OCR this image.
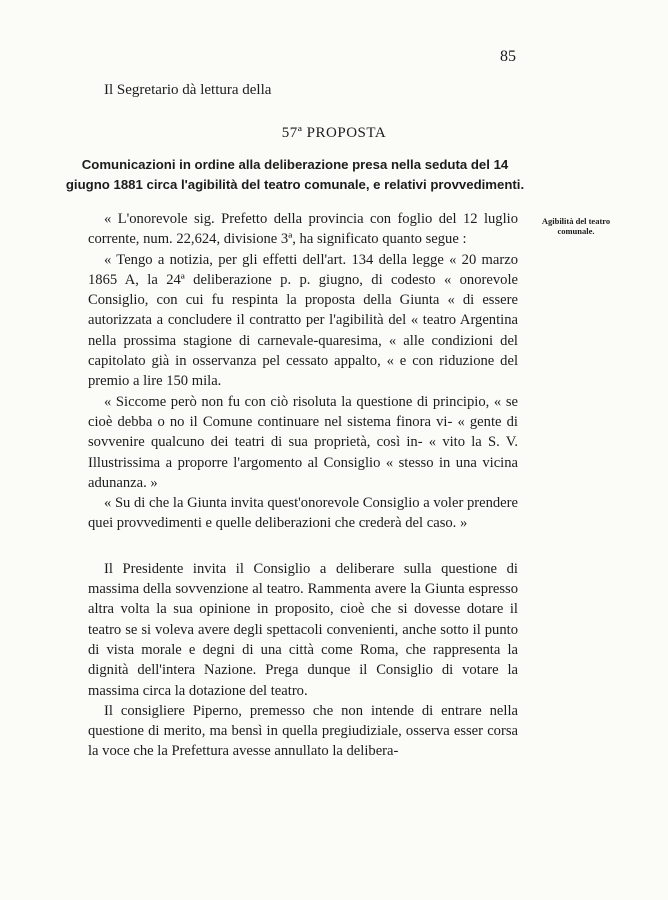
85
Il Segretario dà lettura della
57ª PROPOSTA
Comunicazioni in ordine alla deliberazione presa nella seduta del 14 giugno 1881 circa l'agibilità del teatro comunale, e relativi provvedimenti.
Agibilità del teatro comunale.

« L'onorevole sig. Prefetto della provincia con foglio del 12 luglio corrente, num. 22,624, divisione 3ª, ha significato quanto segue :

« Tengo a notizia, per gli effetti dell'art. 134 della legge « 20 marzo 1865 A, la 24ª deliberazione p. p. giugno, di codesto « onorevole Consiglio, con cui fu respinta la proposta della Giunta « di essere autorizzata a concludere il contratto per l'agibilità del « teatro Argentina nella prossima stagione di carnevale-quaresima, « alle condizioni del capitolato già in osservanza pel cessato appalto, « e con riduzione del premio a lire 150 mila.

« Siccome però non fu con ciò risoluta la questione di principio, « se cioè debba o no il Comune continuare nel sistema finora vi- « gente di sovvenire qualcuno dei teatri di sua proprietà, così in- « vito la S. V. Illustrissima a proporre l'argomento al Consiglio « stesso in una vicina adunanza. »

« Su di che la Giunta invita quest'onorevole Consiglio a voler prendere quei provvedimenti e quelle deliberazioni che crederà del caso. »

Il Presidente invita il Consiglio a deliberare sulla questione di massima della sovvenzione al teatro. Rammenta avere la Giunta espresso altra volta la sua opinione in proposito, cioè che si dovesse dotare il teatro se si voleva avere degli spettacoli convenienti, anche sotto il punto di vista morale e degni di una città come Roma, che rappresenta la dignità dell'intera Nazione. Prega dunque il Consiglio di votare la massima circa la dotazione del teatro.

Il consigliere Piperno, premesso che non intende di entrare nella questione di merito, ma bensì in quella pregiudiziale, osserva esser corsa la voce che la Prefettura avesse annullato la delibera-
